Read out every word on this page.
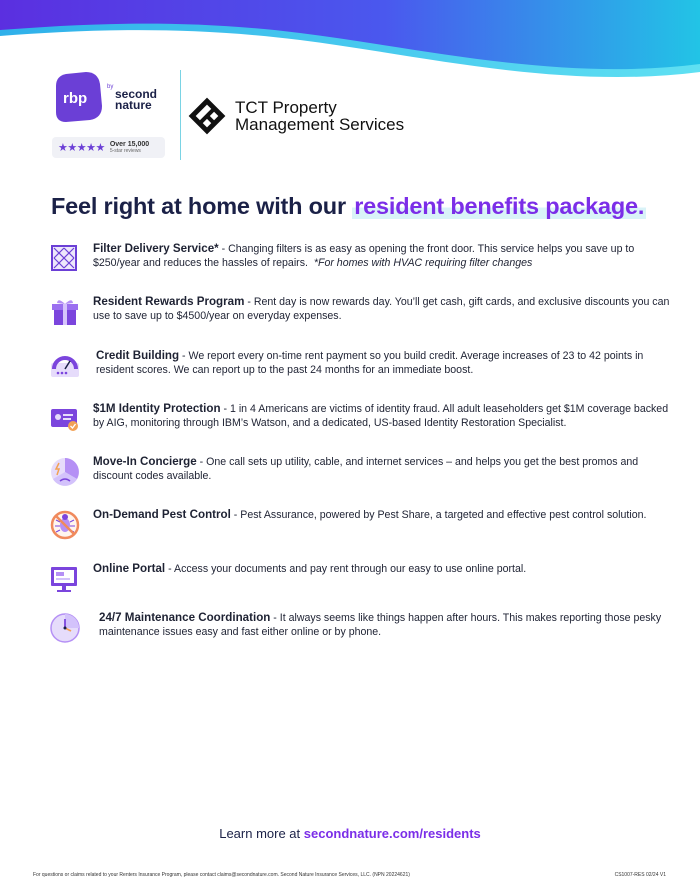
rbp
by second
nature
★★★★★ Over 15,000
5-star reviews
TCT Property
Management Services
Feel right at home with our resident benefits package.
Filter Delivery Service* - Changing filters is as easy as opening the front door. This service helps you save up to $250/year and reduces the hassles of repairs. *For homes with HVAC requiring filter changes
Resident Rewards Program - Rent day is now rewards day. You’ll get cash, gift cards, and exclusive discounts you can use to save up to $4500/year on everyday expenses.
Credit Building - We report every on-time rent payment so you build credit. Average increases of 23 to 42 points in resident scores. We can report up to the past 24 months for an immediate boost.
$1M Identity Protection - 1 in 4 Americans are victims of identity fraud. All adult leaseholders get $1M coverage backed by AIG, monitoring through IBM’s Watson, and a dedicated, US-based Identity Restoration Specialist.
Move-In Concierge - One call sets up utility, cable, and internet services – and helps you get the best promos and discount codes available.
On-Demand Pest Control - Pest Assurance, powered by Pest Share, a targeted and effective pest control solution.
Online Portal - Access your documents and pay rent through our easy to use online portal.
24/7 Maintenance Coordination - It always seems like things happen after hours. This makes reporting those pesky maintenance issues easy and fast either online or by phone.
Learn more at secondnature.com/residents
For questions or claims related to your Renters Insurance Program, please contact claims@secondnature.com. Second Nature Insurance Services, LLC. (NPN 20224621)	CS1007-RES 02/24 V1
